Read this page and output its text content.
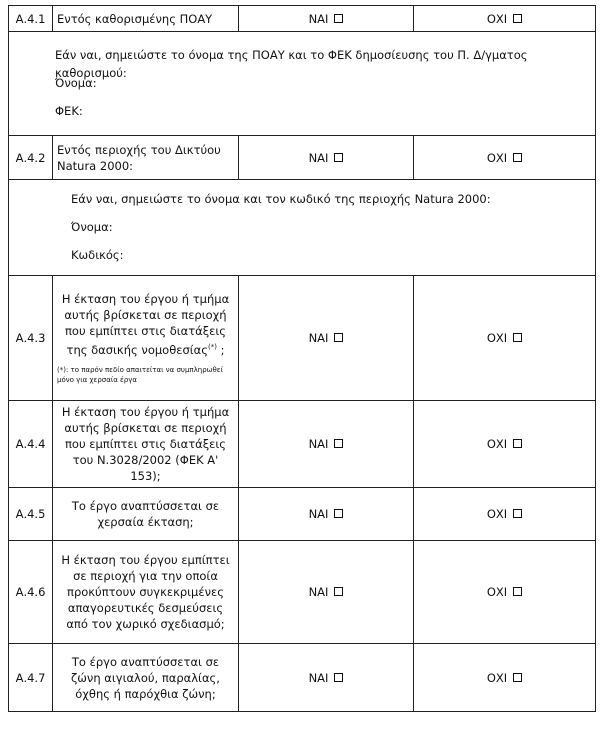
Α.4.1	Εντός καθορισμένης ΠΟΑΥ	ΝΑΙ	ΟΧΙ

Εάν ναι, σημειώστε το όνομα της ΠΟΑΥ και το ΦΕΚ δημοσίευσης του Π. Δ/γματος καθορισμού:
Όνομα:
ΦΕΚ:			

Α.4.2	Εντός περιοχής του Δικτύου Natura 2000:	ΝΑΙ	ΟΧΙ

Εάν ναι, σημειώστε το όνομα και τον κωδικό της περιοχής Natura 2000:
Όνομα:
Κωδικός:			

Α.4.3	Η έκταση του έργου ή τμήμα αυτής βρίσκεται σε περιοχή που εμπίπτει στις διατάξεις της δασικής νομοθεσίας(*) ;
(*): το παρόν πεδίο απαιτείται να συμπληρωθεί μόνο για χερσαία έργα	ΝΑΙ	ΟΧΙ
Α.4.4	Η έκταση του έργου ή τμήμα αυτής βρίσκεται σε περιοχή που εμπίπτει στις διατάξεις του Ν.3028/2002 (ΦΕΚ Α' 153);	ΝΑΙ	ΟΧΙ
Α.4.5	Το έργο αναπτύσσεται σε χερσαία έκταση;	ΝΑΙ	ΟΧΙ
Α.4.6	Η έκταση του έργου εμπίπτει σε περιοχή για την οποία προκύπτουν συγκεκριμένες απαγορευτικές δεσμεύσεις από τον χωρικό σχεδιασμό;	ΝΑΙ	ΟΧΙ
Α.4.7	Το έργο αναπτύσσεται σε ζώνη αιγιαλού, παραλίας, όχθης ή παρόχθια ζώνη;	ΝΑΙ	ΟΧΙ
